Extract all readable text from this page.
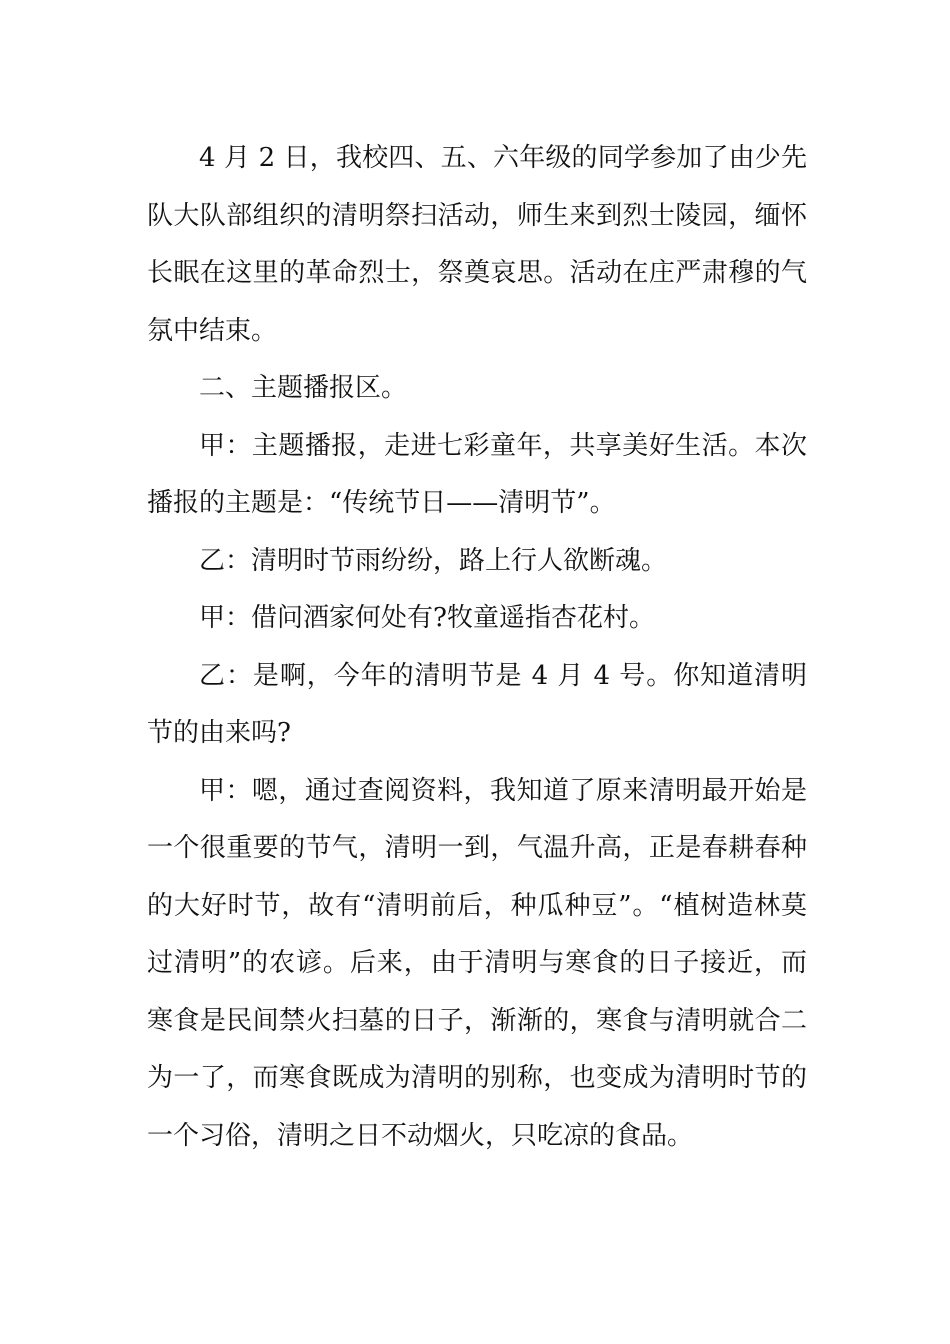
4 月 2 日，我校四、五、六年级的同学参加了由少先队大队部组织的清明祭扫活动，师生来到烈士陵园，缅怀长眠在这里的革命烈士，祭奠哀思。活动在庄严肃穆的气氛中结束。

二、主题播报区。

甲：主题播报，走进七彩童年，共享美好生活。本次播报的主题是：“传统节日——清明节”。

乙：清明时节雨纷纷，路上行人欲断魂。

甲：借问酒家何处有?牧童遥指杏花村。

乙：是啊，今年的清明节是 4 月 4 号。你知道清明节的由来吗?

甲：嗯，通过查阅资料，我知道了原来清明最开始是一个很重要的节气，清明一到，气温升高，正是春耕春种的大好时节，故有“清明前后，种瓜种豆”。“植树造林莫过清明”的农谚。后来，由于清明与寒食的日子接近，而寒食是民间禁火扫墓的日子，渐渐的，寒食与清明就合二为一了，而寒食既成为清明的别称，也变成为清明时节的一个习俗，清明之日不动烟火，只吃凉的食品。
